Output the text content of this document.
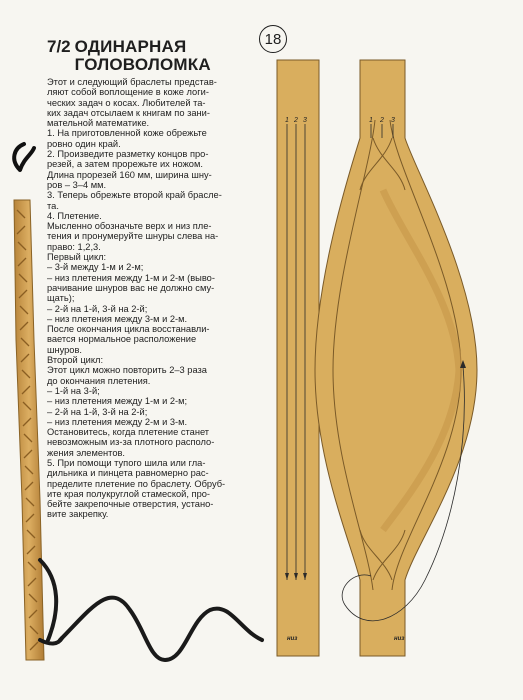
7/2 ОДИНАРНАЯ
ГОЛОВОЛОМКА

Этот и следующий браслеты представ-

ляют собой воплощение в коже логи-

ческих задач о косах. Любителей та-

ких задач отсылаем к книгам по зани-

мательной математике.

1. На приготовленной коже обрежьте

ровно один край.

2. Произведите разметку концов про-

резей, а затем прорежьте их ножом.

Длина прорезей 160 мм, ширина шну-

ров – 3–4 мм.

3. Теперь обрежьте второй край брасле-

та.

4. Плетение.

Мысленно обозначьте верх и низ пле-

тения и пронумеруйте шнуры слева на-

право: 1,2,3.

Первый цикл:

– 3-й между 1-м и 2-м;

– низ плетения между 1-м и 2-м (выво-

рачивание шнуров вас не должно сму-

щать);

– 2-й на 1-й, 3-й на 2-й;

– низ плетения между 3-м и 2-м.

После окончания цикла восстанавли-

вается нормальное расположение

шнуров.

Второй цикл:

Этот цикл можно повторить 2–3 раза

до окончания плетения.

– 1-й на 3-й;

– низ плетения между 1-м и 2-м;

– 2-й на 1-й, 3-й на 2-й;

– низ плетения между 2-м и 3-м.

Остановитесь, когда плетение станет

невозможным из-за плотного располо-

жения элементов.

5. При помощи тупого шила или гла-

дильника и пинцета равномерно рас-

пределите плетение по браслету. Обруб-

ите края полукруглой стамеской, про-

бейте закрепочные отверстия, устано-

вите закрепку.

18
1 2 3	1 2 3
низ	низ
